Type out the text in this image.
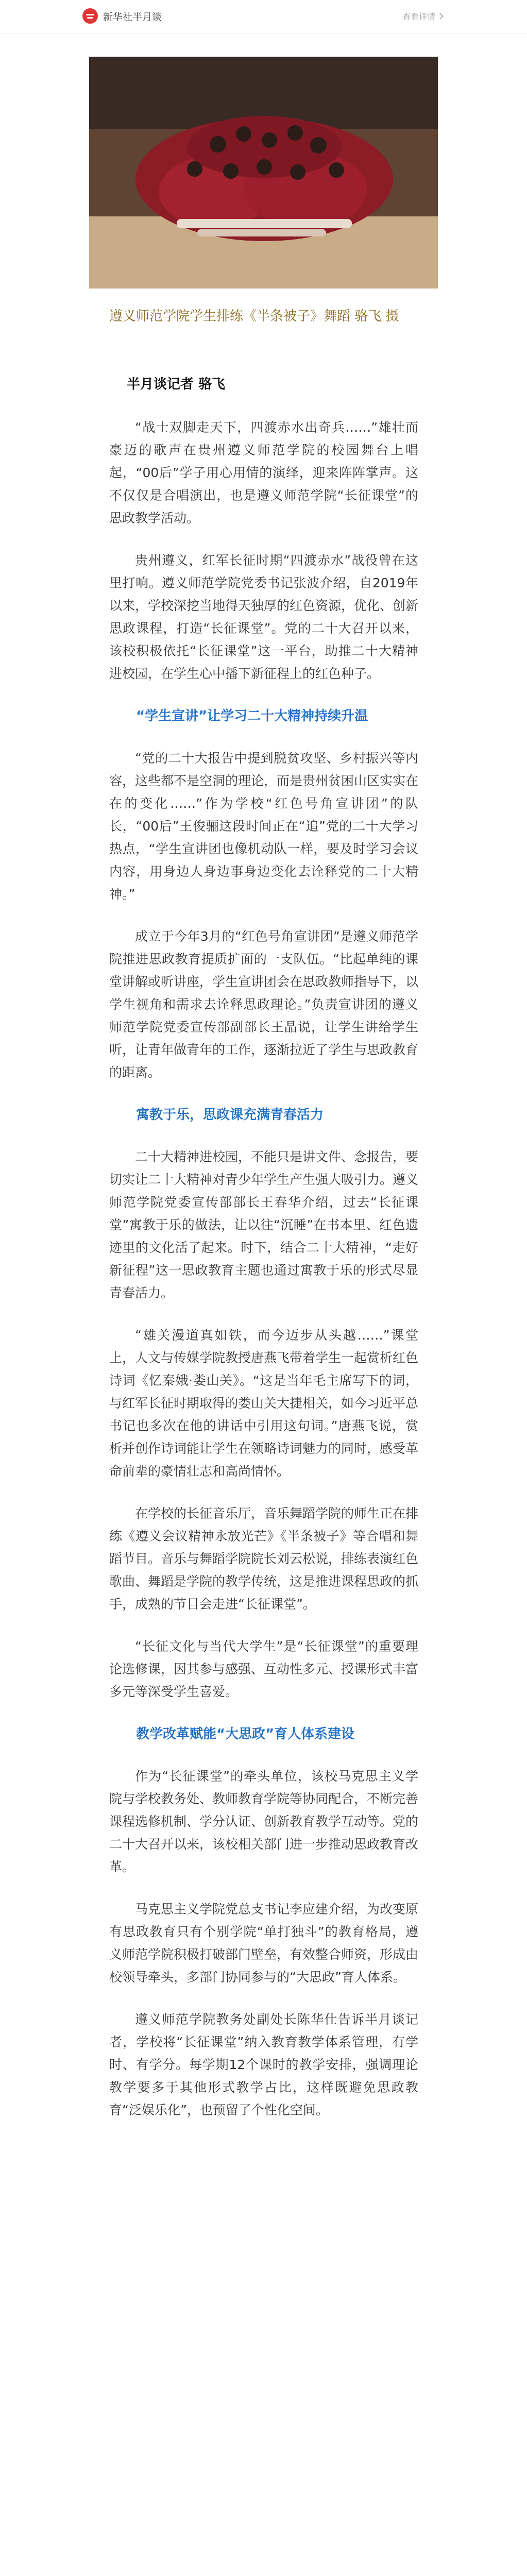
新华社半月谈	查看详情
遵义师范学院学生排练《半条被子》舞蹈 骆飞 摄
半月谈记者 骆飞

“战士双脚走天下，四渡赤水出奇兵……”雄壮而豪迈的歌声在贵州遵义师范学院的校园舞台上唱起，“00后”学子用心用情的演绎，迎来阵阵掌声。这不仅仅是合唱演出，也是遵义师范学院“长征课堂”的思政教学活动。

贵州遵义，红军长征时期“四渡赤水”战役曾在这里打响。遵义师范学院党委书记张波介绍，自2019年以来，学校深挖当地得天独厚的红色资源，优化、创新思政课程，打造“长征课堂”。党的二十大召开以来，该校积极依托“长征课堂”这一平台，助推二十大精神进校园，在学生心中播下新征程上的红色种子。

“学生宣讲”让学习二十大精神持续升温

“党的二十大报告中提到脱贫攻坚、乡村振兴等内容，这些都不是空洞的理论，而是贵州贫困山区实实在在的变化……”作为学校“红色号角宣讲团”的队长，“00后”王俊骊这段时间正在“追”党的二十大学习热点，“学生宣讲团也像机动队一样，要及时学习会议内容，用身边人身边事身边变化去诠释党的二十大精神。”

成立于今年3月的“红色号角宣讲团”是遵义师范学院推进思政教育提质扩面的一支队伍。“比起单纯的课堂讲解或听讲座，学生宣讲团会在思政教师指导下，以学生视角和需求去诠释思政理论。”负责宣讲团的遵义师范学院党委宣传部副部长王晶说，让学生讲给学生听，让青年做青年的工作，逐渐拉近了学生与思政教育的距离。

寓教于乐，思政课充满青春活力

二十大精神进校园，不能只是讲文件、念报告，要切实让二十大精神对青少年学生产生强大吸引力。遵义师范学院党委宣传部部长王春华介绍，过去“长征课堂”寓教于乐的做法，让以往“沉睡”在书本里、红色遗迹里的文化活了起来。时下，结合二十大精神，“走好新征程”这一思政教育主题也通过寓教于乐的形式尽显青春活力。

“雄关漫道真如铁，而今迈步从头越……”课堂上，人文与传媒学院教授唐燕飞带着学生一起赏析红色诗词《忆秦娥·娄山关》。“这是当年毛主席写下的词，与红军长征时期取得的娄山关大捷相关，如今习近平总书记也多次在他的讲话中引用这句词。”唐燕飞说，赏析并创作诗词能让学生在领略诗词魅力的同时，感受革命前辈的豪情壮志和高尚情怀。

在学校的长征音乐厅，音乐舞蹈学院的师生正在排练《遵义会议精神永放光芒》《半条被子》等合唱和舞蹈节目。音乐与舞蹈学院院长刘云松说，排练表演红色歌曲、舞蹈是学院的教学传统，这是推进课程思政的抓手，成熟的节目会走进“长征课堂”。

“长征文化与当代大学生”是“长征课堂”的重要理论选修课，因其参与感强、互动性多元、授课形式丰富多元等深受学生喜爱。

教学改革赋能“大思政”育人体系建设

作为“长征课堂”的牵头单位，该校马克思主义学院与学校教务处、教师教育学院等协同配合，不断完善课程选修机制、学分认证、创新教育教学互动等。党的二十大召开以来，该校相关部门进一步推动思政教育改革。

马克思主义学院党总支书记李应建介绍，为改变原有思政教育只有个别学院“单打独斗”的教育格局，遵义师范学院积极打破部门壁垒，有效整合师资，形成由校领导牵头，多部门协同参与的“大思政”育人体系。

遵义师范学院教务处副处长陈华仕告诉半月谈记者，学校将“长征课堂”纳入教育教学体系管理，有学时、有学分。每学期12个课时的教学安排，强调理论教学要多于其他形式教学占比，这样既避免思政教育“泛娱乐化”，也预留了个性化空间。
